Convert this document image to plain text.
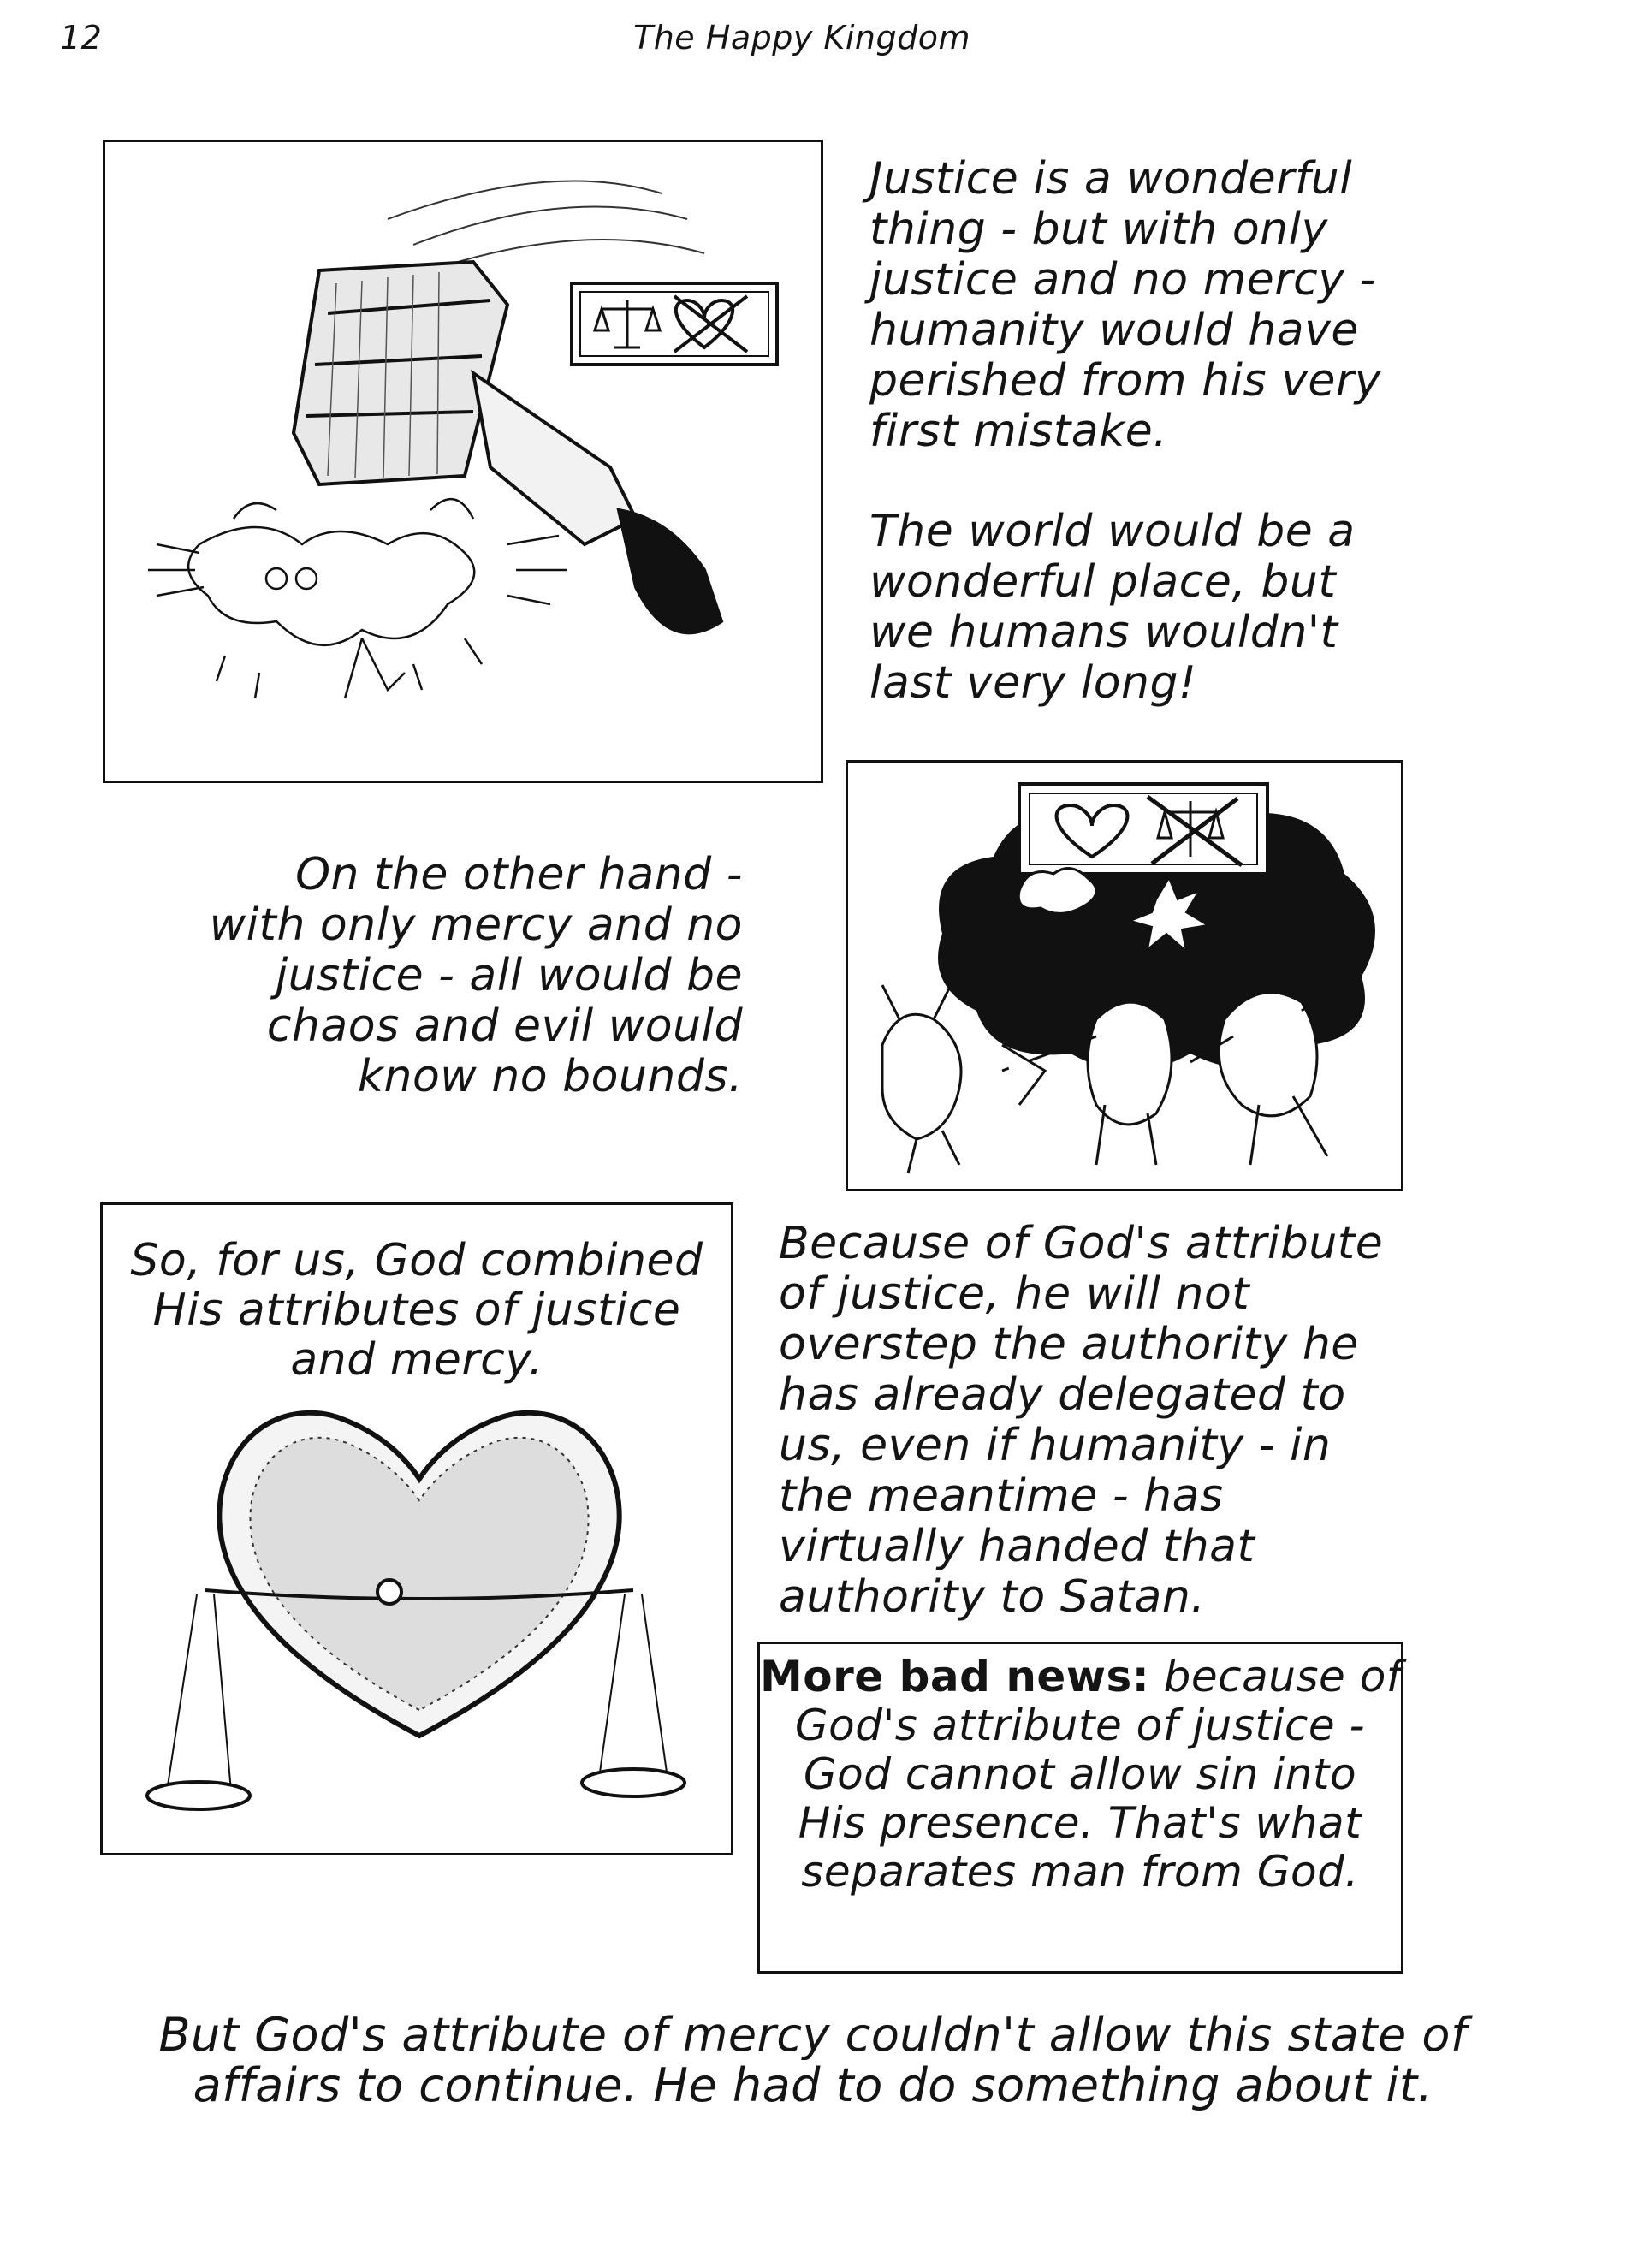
12	The Happy Kingdom
Justice is a wonderful
thing - but with only
justice and no mercy -
humanity would have
perished from his very
first mistake.
The world would be a
wonderful place, but
we humans wouldn't
last very long!
On the other hand -
with only mercy and no
justice - all would be
chaos and evil would
know no bounds.
So, for us, God combined
His attributes of justice
and mercy.
Because of God's attribute
of justice, he will not
overstep the authority he
has already delegated to
us, even if humanity - in
the meantime - has
virtually handed that
authority to Satan.
More bad news: because of
God's attribute of justice -
God cannot allow sin into
His presence. That's what
separates man from God.
But God's attribute of mercy couldn't allow this state of
affairs to continue. He had to do something about it.
